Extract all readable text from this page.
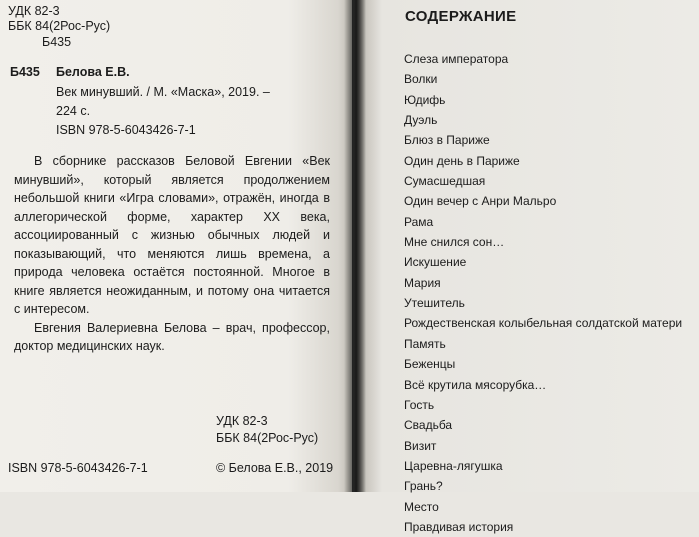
УДК 82-3
ББК 84(2Рос-Рус)
Б435
Б435 Белова Е.В.
Век минувший. / М. «Маска», 2019. –
224 с.
ISBN 978-5-6043426-7-1

В сборнике рассказов Беловой Евгении «Век минувший», который является продолжением небольшой книги «Игра словами», отражён, иногда в аллегорической форме, характер XX века, ассоциированный с жизнью обычных людей и показывающий, что меняются лишь времена, а природа человека остаётся постоянной. Многое в книге является неожиданным, и потому она читается с интересом.

Евгения Валериевна Белова – врач, профессор, доктор медицинских наук.

УДК 82-3
ББК 84(2Рос-Рус)
ISBN 978-5-6043426-7-1	© Белова Е.В., 2019
СОДЕРЖАНИЕ
Слеза императора
Волки
Юдифь
Дуэль
Блюз в Париже
Один день в Париже
Сумасшедшая
Один вечер с Анри Мальро
Рама
Мне снился сон…
Искушение
Мария
Утешитель
Рождественская колыбельная солдатской матери
Память
Беженцы
Всё крутила мясорубка…
Гость
Свадьба
Визит
Царевна-лягушка
Грань?
Место
Правдивая история
